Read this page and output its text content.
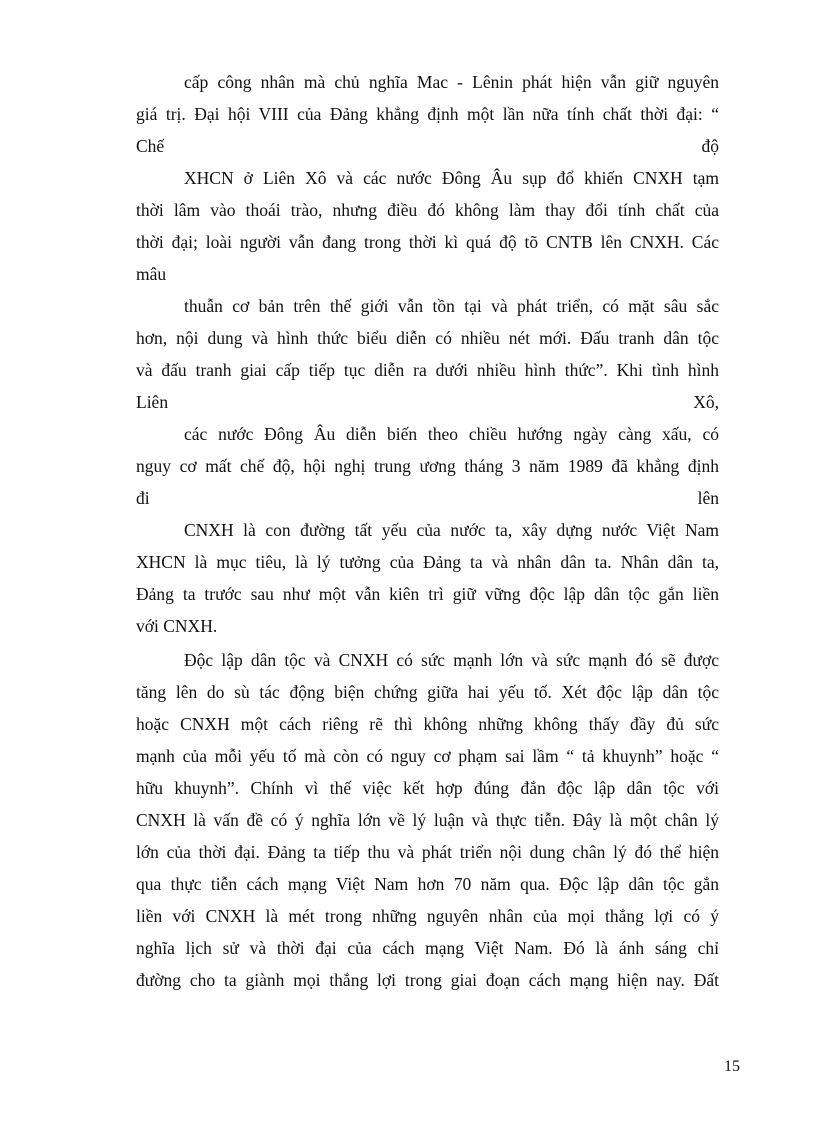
cấp công nhân mà chủ nghĩa Mac - Lênin phát hiện vẫn giữ nguyên
giá trị. Đại hội VIII của Đảng khẳng định một lần nữa tính chất thời đại: “
Chế độ
XHCN ở Liên Xô và các nước Đông Âu sụp đổ khiến CNXH tạm
thời lâm vào thoái trào, nhưng điều đó không làm thay đổi tính chất của
thời đại; loài người vẫn đang trong thời kì quá độ tõ CNTB lên CNXH. Các
mâu
thuẫn cơ bản trên thế giới vẫn tồn tại và phát triển, có mặt sâu sắc
hơn, nội dung và hình thức biểu diễn có nhiều nét mới. Đấu tranh dân tộc
và đấu tranh giai cấp tiếp tục diễn ra dưới nhiều hình thức”. Khi tình hình
Liên Xô,
các nước Đông Âu diễn biến theo chiều hướng ngày càng xấu, có
nguy cơ mất chế độ, hội nghị trung ương tháng 3 năm 1989 đã khẳng định
đi lên
CNXH là con đường tất yếu của nước ta, xây dựng nước Việt Nam
XHCN là mục tiêu, là lý tưởng của Đảng ta và nhân dân ta. Nhân dân ta,
Đảng ta trước sau như một vẫn kiên trì giữ vững độc lập dân tộc gắn liền
với CNXH.
Độc lập dân tộc và CNXH có sức mạnh lớn và sức mạnh đó sẽ được
tăng lên do sù tác động biện chứng giữa hai yếu tố. Xét độc lập dân tộc
hoặc CNXH một cách riêng rẽ thì không những không thấy đầy đủ sức
mạnh của mỗi yếu tố mà còn có nguy cơ phạm sai lầm “ tả khuynh” hoặc “
hữu khuynh”. Chính vì thế việc kết hợp đúng đắn độc lập dân tộc với
CNXH là vấn đề có ý nghĩa lớn về lý luận và thực tiễn. Đây là một chân lý
lớn của thời đại. Đảng ta tiếp thu và phát triển nội dung chân lý đó thể hiện
qua thực tiễn cách mạng Việt Nam hơn 70 năm qua. Độc lập dân tộc gắn
liền với CNXH là mét trong những nguyên nhân của mọi thắng lợi có ý
nghĩa lịch sử và thời đại của cách mạng Việt Nam. Đó là ánh sáng chỉ
đường cho ta giành mọi thắng lợi trong giai đoạn cách mạng hiện nay. Đất
15
